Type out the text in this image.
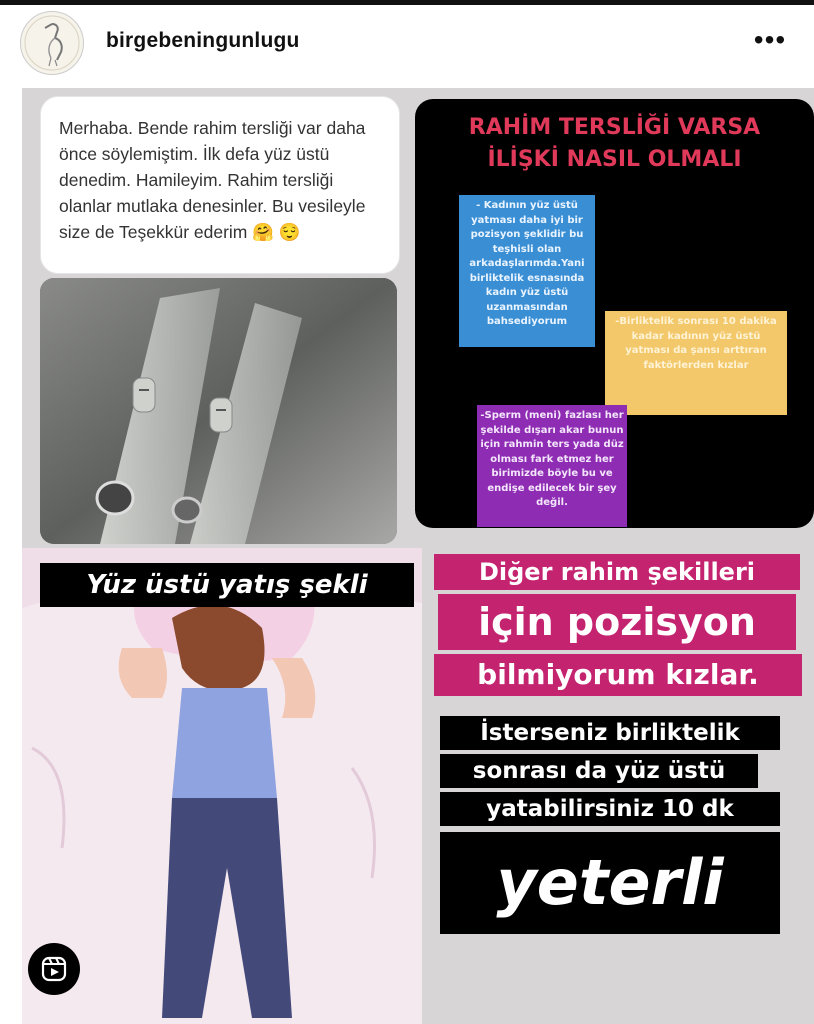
birgebeningunlugu	•••
Merhaba. Bende rahim tersliği var daha önce söylemiştim. İlk defa yüz üstü denedim. Hamileyim. Rahim tersliği olanlar mutlaka denesinler. Bu vesileyle size de Teşekkür ederim 🤗 😌
RAHİM TERSLİĞİ VARSA
İLİŞKİ NASIL OLMALI
- Kadının yüz üstü yatması daha iyi bir pozisyon şeklidir bu teşhisli olan arkadaşlarımda.Yani birliktelik esnasında kadın yüz üstü uzanmasından bahsediyorum	-Birliktelik sonrası 10 dakika kadar kadının yüz üstü yatması da şansı arttıran faktörlerden kızlar
-Sperm (meni) fazlası her şekilde dışarı akar bunun için rahmin ters yada düz olması fark etmez her birimizde böyle bu ve endişe edilecek bir şey değil.
Yüz üstü yatış şekli	Diğer rahim şekilleri
için pozisyon
bilmiyorum kızlar.
İsterseniz birliktelik
sonrası da yüz üstü
yatabilirsiniz 10 dk
yeterli
